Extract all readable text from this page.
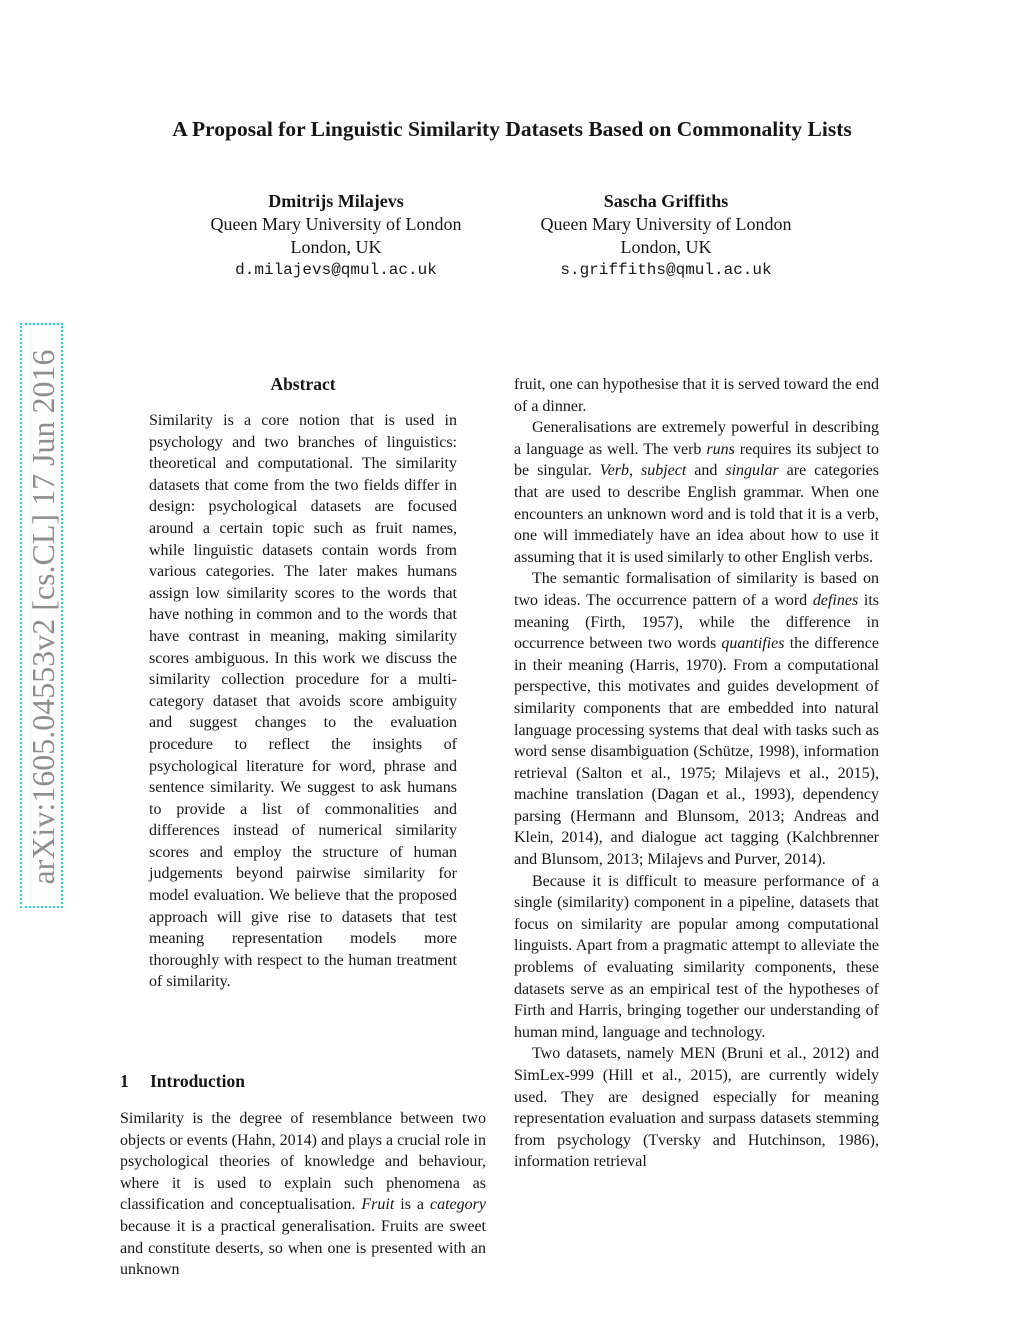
A Proposal for Linguistic Similarity Datasets Based on Commonality Lists
Dmitrijs Milajevs
Queen Mary University of London
London, UK
d.milajevs@qmul.ac.uk
Sascha Griffiths
Queen Mary University of London
London, UK
s.griffiths@qmul.ac.uk
arXiv:1605.04553v2 [cs.CL] 17 Jun 2016	Abstract

Similarity is a core notion that is used in psychology and two branches of linguistics: theoretical and computational. The similarity datasets that come from the two fields differ in design: psychological datasets are focused around a certain topic such as fruit names, while linguistic datasets contain words from various categories. The later makes humans assign low similarity scores to the words that have nothing in common and to the words that have contrast in meaning, making similarity scores ambiguous. In this work we discuss the similarity collection procedure for a multi-category dataset that avoids score ambiguity and suggest changes to the evaluation procedure to reflect the insights of psychological literature for word, phrase and sentence similarity. We suggest to ask humans to provide a list of commonalities and differences instead of numerical similarity scores and employ the structure of human judgements beyond pairwise similarity for model evaluation. We believe that the proposed approach will give rise to datasets that test meaning representation models more thoroughly with respect to the human treatment of similarity.

1 Introduction

Similarity is the degree of resemblance between two objects or events (Hahn, 2014) and plays a crucial role in psychological theories of knowledge and behaviour, where it is used to explain such phenomena as classification and conceptualisation. Fruit is a category because it is a practical generalisation. Fruits are sweet and constitute deserts, so when one is presented with an unknown

fruit, one can hypothesise that it is served toward the end of a dinner.

Generalisations are extremely powerful in describing a language as well. The verb runs requires its subject to be singular. Verb, subject and singular are categories that are used to describe English grammar. When one encounters an unknown word and is told that it is a verb, one will immediately have an idea about how to use it assuming that it is used similarly to other English verbs.

The semantic formalisation of similarity is based on two ideas. The occurrence pattern of a word defines its meaning (Firth, 1957), while the difference in occurrence between two words quantifies the difference in their meaning (Harris, 1970). From a computational perspective, this motivates and guides development of similarity components that are embedded into natural language processing systems that deal with tasks such as word sense disambiguation (Schütze, 1998), information retrieval (Salton et al., 1975; Milajevs et al., 2015), machine translation (Dagan et al., 1993), dependency parsing (Hermann and Blunsom, 2013; Andreas and Klein, 2014), and dialogue act tagging (Kalchbrenner and Blunsom, 2013; Milajevs and Purver, 2014).

Because it is difficult to measure performance of a single (similarity) component in a pipeline, datasets that focus on similarity are popular among computational linguists. Apart from a pragmatic attempt to alleviate the problems of evaluating similarity components, these datasets serve as an empirical test of the hypotheses of Firth and Harris, bringing together our understanding of human mind, language and technology.

Two datasets, namely MEN (Bruni et al., 2012) and SimLex-999 (Hill et al., 2015), are currently widely used. They are designed especially for meaning representation evaluation and surpass datasets stemming from psychology (Tversky and Hutchinson, 1986), information retrieval
